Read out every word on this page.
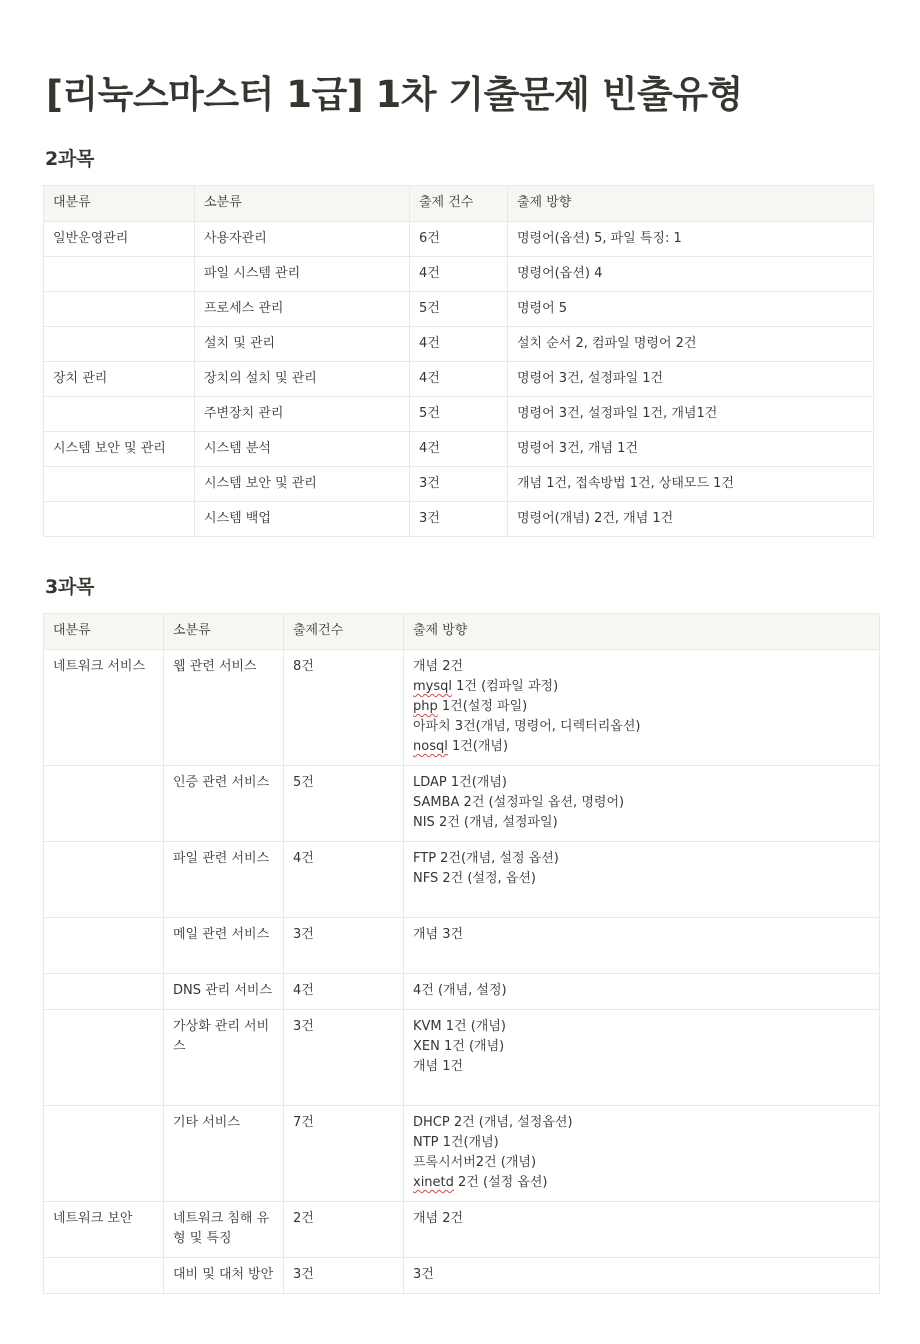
[리눅스마스터 1급] 1차 기출문제 빈출유형
2과목
대분류	소분류	출제 건수	출제 방향
일반운영관리	사용자관리	6건	명령어(옵션) 5, 파일 특징: 1
	파일 시스템 관리	4건	명령어(옵션) 4
	프로세스 관리	5건	명령어 5
	설치 및 관리	4건	설치 순서 2, 컴파일 명령어 2건
장치 관리	장치의 설치 및 관리	4건	명령어 3건, 설정파일 1건
	주변장치 관리	5건	명령어 3건, 설정파일 1건, 개념1건
시스템 보안 및 관리	시스템 분석	4건	명령어 3건, 개념 1건
	시스템 보안 및 관리	3건	개념 1건, 접속방법 1건, 상태모드 1건
	시스템 백업	3건	명령어(개념) 2건, 개념 1건
3과목
대분류	소분류	출제건수	출제 방향
네트워크 서비스	웹 관련 서비스	8건	개념 2건
mysql 1건 (컴파일 과정)
php 1건(설정 파일)
아파치 3건(개념, 명령어, 디렉터리옵션)
nosql 1건(개념)

	인증 관련 서비스	5건	LDAP 1건(개념)
SAMBA 2건 (설정파일 옵션, 명령어)
NIS 2건 (개념, 설정파일)

	파일 관련 서비스	4건	FTP 2건(개념, 설정 옵션)
NFS 2건 (설정, 옵션)

	메일 관련 서비스	3건	개념 3건

	DNS 관리 서비스	4건	4건 (개념, 설정)

	가상화 관리 서비스	3건	KVM 1건 (개념)
XEN 1건 (개념)
개념 1건

	기타 서비스	7건	DHCP 2건 (개념, 설정옵션)
NTP 1건(개념)
프록시서버2건 (개념)
xinetd 2건 (설정 옵션)

네트워크 보안	네트워크 침해 유형 및 특징	2건	개념 2건

	대비 및 대처 방안	3건	3건
